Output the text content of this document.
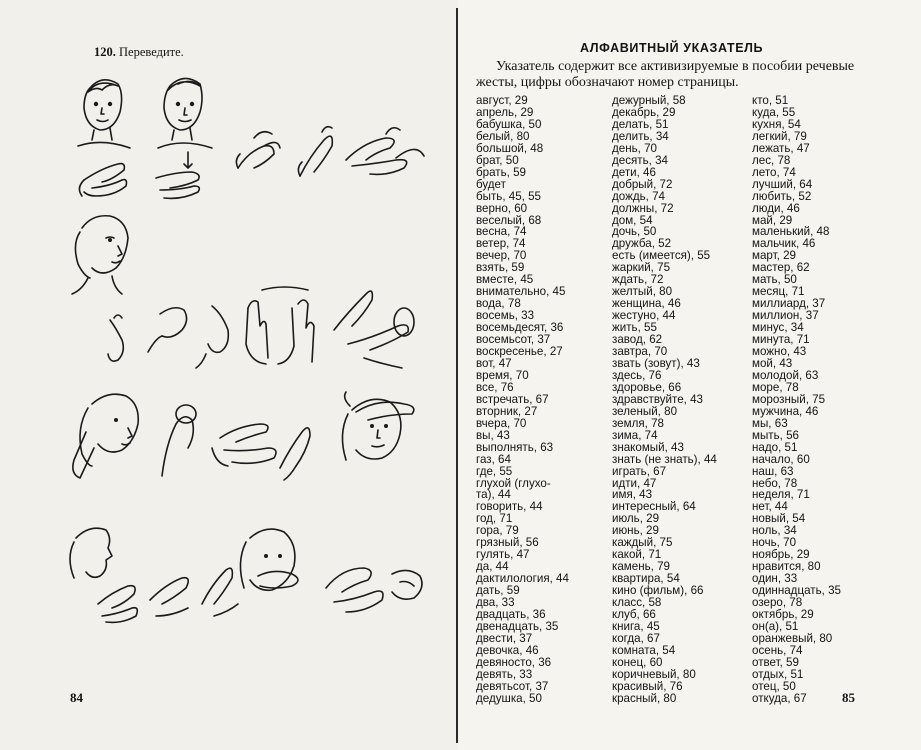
120. Переведите.
84
АЛФАВИТНЫЙ УКАЗАТЕЛЬ

Указатель содержит все активизируемые в пособии речевые жесты, цифры обозначают номер страницы.

август, 29
апрель, 29
бабушка, 50
белый, 80
большой, 48
брат, 50
брать, 59
будет
быть, 45, 55
верно, 60
веселый, 68
весна, 74
ветер, 74
вечер, 70
взять, 59
вместе, 45
внимательно, 45
вода, 78
восемь, 33
восемьдесят, 36
восемьсот, 37
воскресенье, 27
вот, 47
время, 70
все, 76
встречать, 67
вторник, 27
вчера, 70
вы, 43
выполнять, 63
газ, 64
где, 55
глухой (глухо-
та), 44
говорить, 44
год, 71
гора, 79
грязный, 56
гулять, 47
да, 44
дактилология, 44
дать, 59
два, 33
двадцать, 36
двенадцать, 35
двести, 37
девочка, 46
девяносто, 36
девять, 33
девятьсот, 37
дедушка, 50
дежурный, 58
декабрь, 29
делать, 51
делить, 34
день, 70
десять, 34
дети, 46
добрый, 72
дождь, 74
должны, 72
дом, 54
дочь, 50
дружба, 52
есть (имеется), 55
жаркий, 75
ждать, 72
желтый, 80
женщина, 46
жестуно, 44
жить, 55
завод, 62
завтра, 70
звать (зовут), 43
здесь, 76
здоровье, 66
здравствуйте, 43
зеленый, 80
земля, 78
зима, 74
знакомый, 43
знать (не знать), 44
играть, 67
идти, 47
имя, 43
интересный, 64
июль, 29
июнь, 29
каждый, 75
какой, 71
камень, 79
квартира, 54
кино (фильм), 66
класс, 58
клуб, 66
книга, 45
когда, 67
комната, 54
конец, 60
коричневый, 80
красивый, 76
красный, 80
кто, 51
куда, 55
кухня, 54
легкий, 79
лежать, 47
лес, 78
лето, 74
лучший, 64
любить, 52
люди, 46
май, 29
маленький, 48
мальчик, 46
март, 29
мастер, 62
мать, 50
месяц, 71
миллиард, 37
миллион, 37
минус, 34
минута, 71
можно, 43
мой, 43
молодой, 63
море, 78
морозный, 75
мужчина, 46
мы, 63
мыть, 56
надо, 51
начало, 60
наш, 63
небо, 78
неделя, 71
нет, 44
новый, 54
ноль, 34
ночь, 70
ноябрь, 29
нравится, 80
один, 33
одиннадцать, 35
озеро, 78
октябрь, 29
он(а), 51
оранжевый, 80
осень, 74
ответ, 59
отдых, 51
отец, 50
откуда, 67	85
